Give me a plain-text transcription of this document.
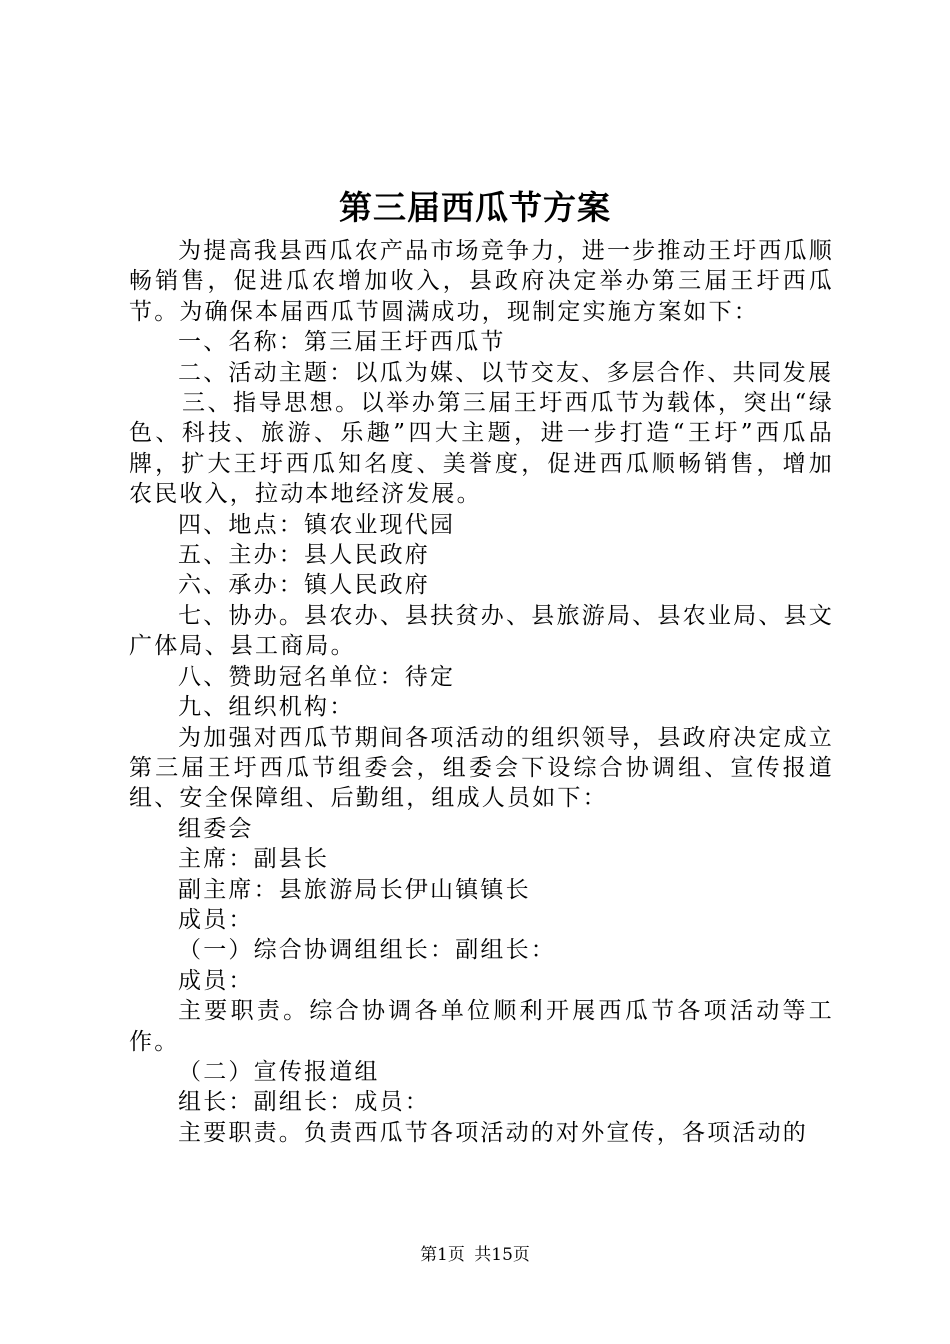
第三届西瓜节方案

为提高我县西瓜农产品市场竞争力，进一步推动王圩西瓜顺畅销售，促进瓜农增加收入，县政府决定举办第三届王圩西瓜节。为确保本届西瓜节圆满成功，现制定实施方案如下：

一、名称：第三届王圩西瓜节

二、活动主题：以瓜为媒、以节交友、多层合作、共同发展

三、指导思想。以举办第三届王圩西瓜节为载体，突出“绿色、科技、旅游、乐趣”四大主题，进一步打造“王圩”西瓜品牌，扩大王圩西瓜知名度、美誉度，促进西瓜顺畅销售，增加农民收入，拉动本地经济发展。

四、地点：镇农业现代园

五、主办：县人民政府

六、承办：镇人民政府

七、协办。县农办、县扶贫办、县旅游局、县农业局、县文广体局、县工商局。

八、赞助冠名单位：待定

九、组织机构：

为加强对西瓜节期间各项活动的组织领导，县政府决定成立第三届王圩西瓜节组委会，组委会下设综合协调组、宣传报道组、安全保障组、后勤组，组成人员如下：

组委会

主席：副县长

副主席：县旅游局长伊山镇镇长

成员：

（一）综合协调组组长：副组长：

成员：

主要职责。综合协调各单位顺利开展西瓜节各项活动等工作。

（二）宣传报道组

组长：副组长：成员：

主要职责。负责西瓜节各项活动的对外宣传，各项活动的

第1页 共15页
